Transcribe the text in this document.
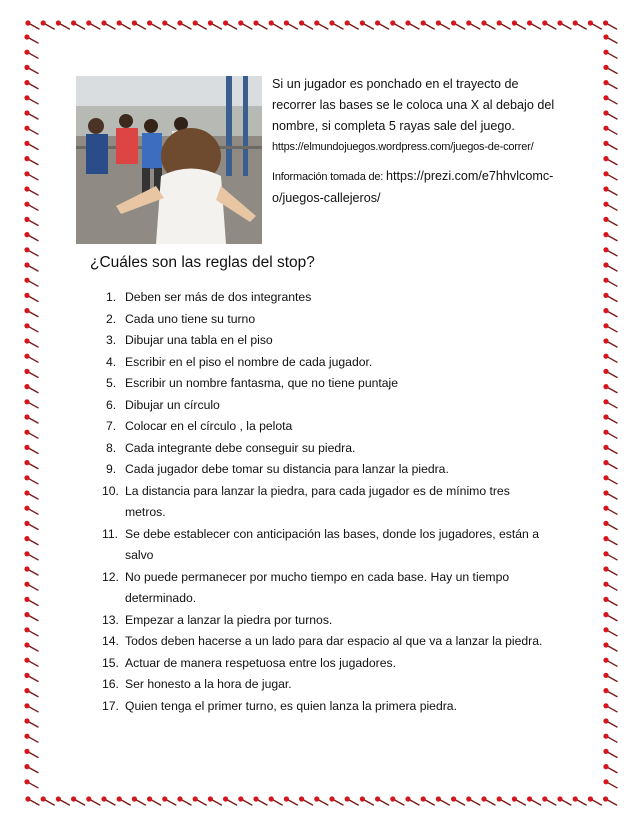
Si un jugador es ponchado en el trayecto de recorrer las bases se le coloca una X al debajo del nombre, si completa 5 rayas sale del juego.

https://elmundojuegos.wordpress.com/juegos-de-correr/

Información tomada de: https://prezi.com/e7hhvlcomc-o/juegos-callejeros/

¿Cuáles son las reglas del stop?
1. Deben ser más de dos integrantes
2. Cada uno tiene su turno
3. Dibujar una tabla en el piso
4. Escribir en el piso el nombre de cada jugador.
5. Escribir un nombre fantasma, que no tiene puntaje
6. Dibujar un círculo
7. Colocar en el círculo , la pelota
8. Cada integrante debe conseguir su piedra.
9. Cada jugador debe tomar su distancia para lanzar la piedra.
10. La distancia para lanzar la piedra, para cada jugador es de mínimo tres metros.
11. Se debe establecer con anticipación las bases, donde los jugadores, están a salvo
12. No puede permanecer por mucho tiempo en cada base. Hay un tiempo determinado.
13. Empezar a lanzar la piedra por turnos.
14. Todos deben hacerse a un lado para dar espacio al que va a lanzar la piedra.
15. Actuar de manera respetuosa entre los jugadores.
16. Ser honesto a la hora de jugar.
17. Quien tenga el primer turno, es quien lanza la primera piedra.
